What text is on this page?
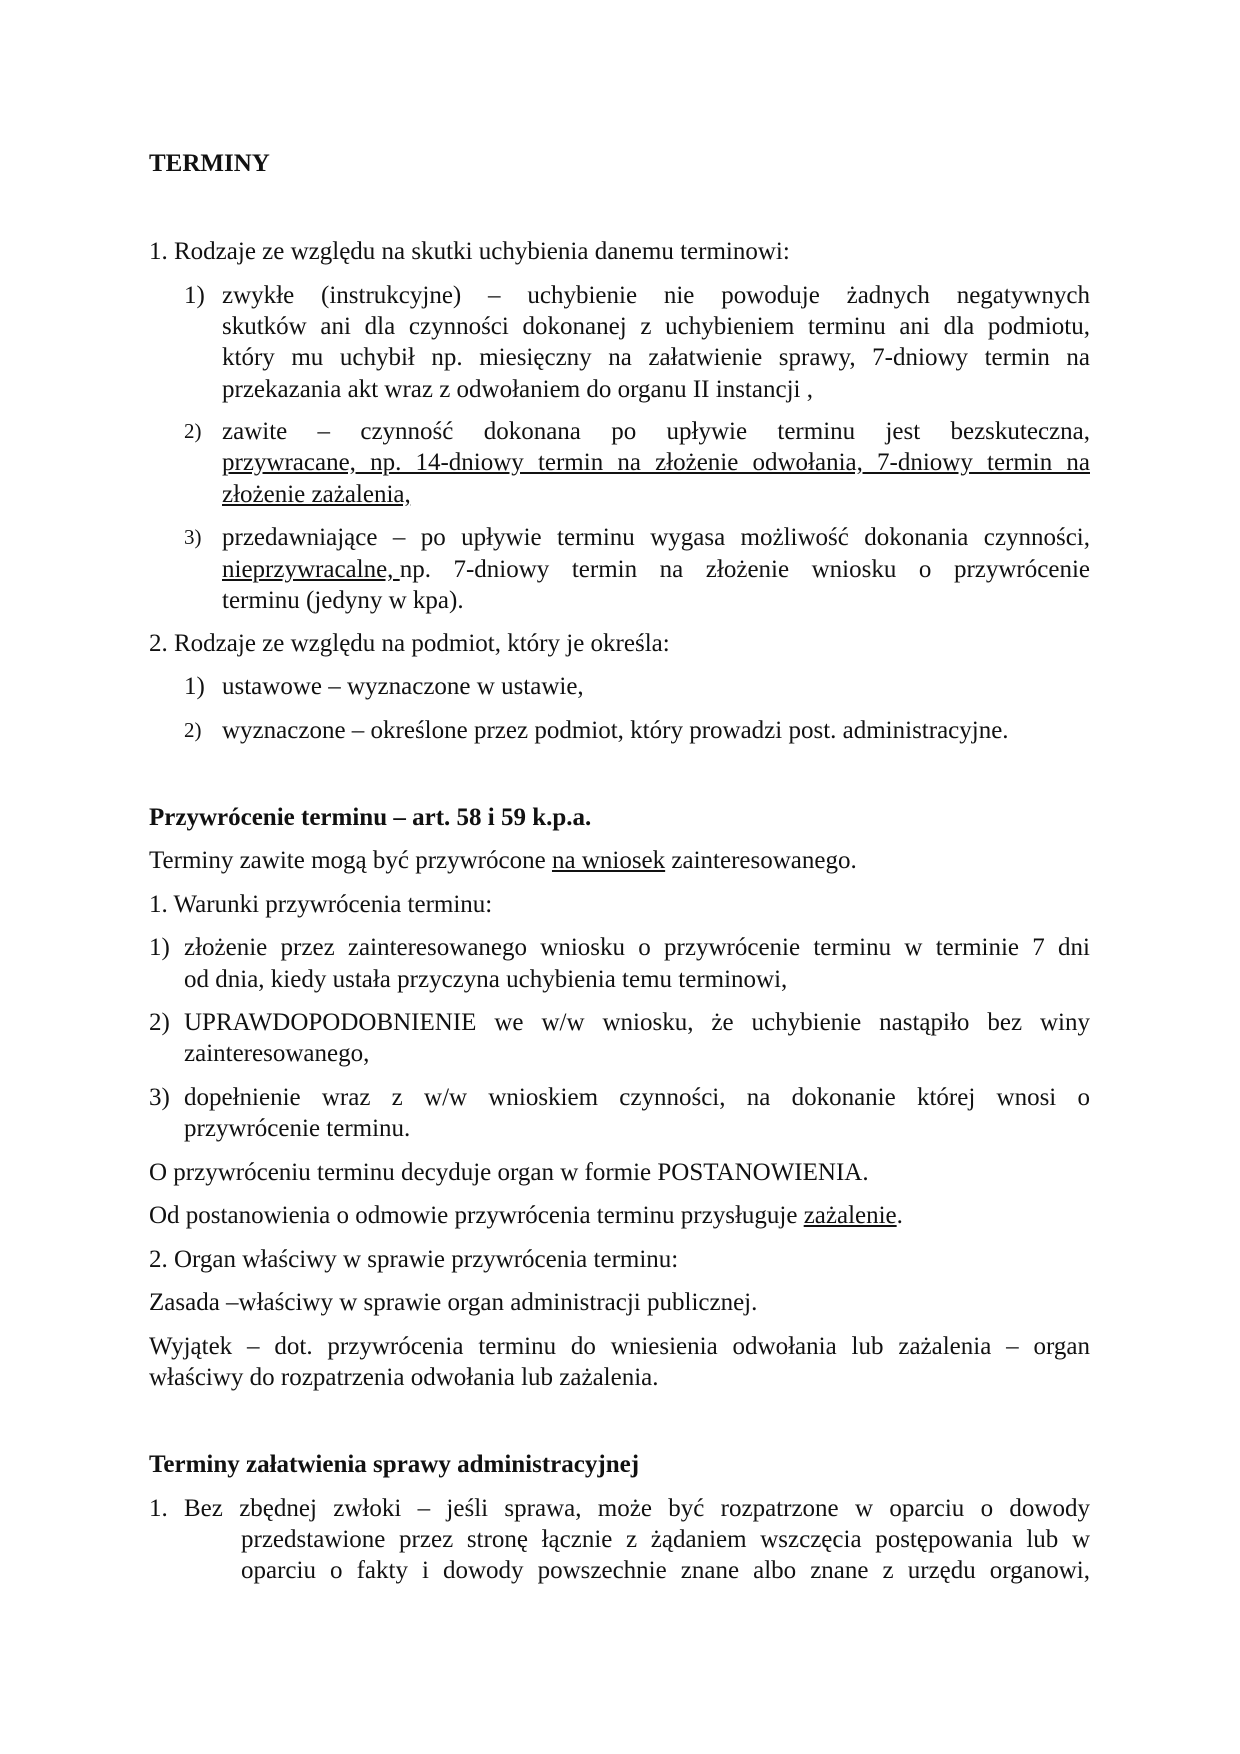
TERMINY
1. Rodzaje ze względu na skutki uchybienia danemu terminowi:
1) zwykłe (instrukcyjne) – uchybienie nie powoduje żadnych negatywnych
skutków ani dla czynności dokonanej z uchybieniem terminu ani dla podmiotu,
który mu uchybił np. miesięczny na załatwienie sprawy, 7-dniowy termin na
przekazania akt wraz z odwołaniem do organu II instancji ,
2) zawite – czynność dokonana po upływie terminu jest bezskuteczna,
przywracane, np. 14-dniowy termin na złożenie odwołania, 7-dniowy termin na
złożenie zażalenia,
3) przedawniające – po upływie terminu wygasa możliwość dokonania czynności,
nieprzywracalne, np. 7-dniowy termin na złożenie wniosku o przywrócenie
terminu (jedyny w kpa).
2. Rodzaje ze względu na podmiot, który je określa:
1) ustawowe – wyznaczone w ustawie,
2) wyznaczone – określone przez podmiot, który prowadzi post. administracyjne.
Przywrócenie terminu – art. 58 i 59 k.p.a.
Terminy zawite mogą być przywrócone na wniosek zainteresowanego.
1. Warunki przywrócenia terminu:
1) złożenie przez zainteresowanego wniosku o przywrócenie terminu w terminie 7 dni
od dnia, kiedy ustała przyczyna uchybienia temu terminowi,
2) UPRAWDOPODOBNIENIE we w/w wniosku, że uchybienie nastąpiło bez winy
zainteresowanego,
3) dopełnienie wraz z w/w wnioskiem czynności, na dokonanie której wnosi o
przywrócenie terminu.
O przywróceniu terminu decyduje organ w formie POSTANOWIENIA.
Od postanowienia o odmowie przywrócenia terminu przysługuje zażalenie.
2. Organ właściwy w sprawie przywrócenia terminu:
Zasada –właściwy w sprawie organ administracji publicznej.
Wyjątek – dot. przywrócenia terminu do wniesienia odwołania lub zażalenia – organ
właściwy do rozpatrzenia odwołania lub zażalenia.
Terminy załatwienia sprawy administracyjnej
1. Bez zbędnej zwłoki – jeśli sprawa, może być rozpatrzone w oparciu o dowody
przedstawione przez stronę łącznie z żądaniem wszczęcia postępowania lub w
oparciu o fakty i dowody powszechnie znane albo znane z urzędu organowi,
